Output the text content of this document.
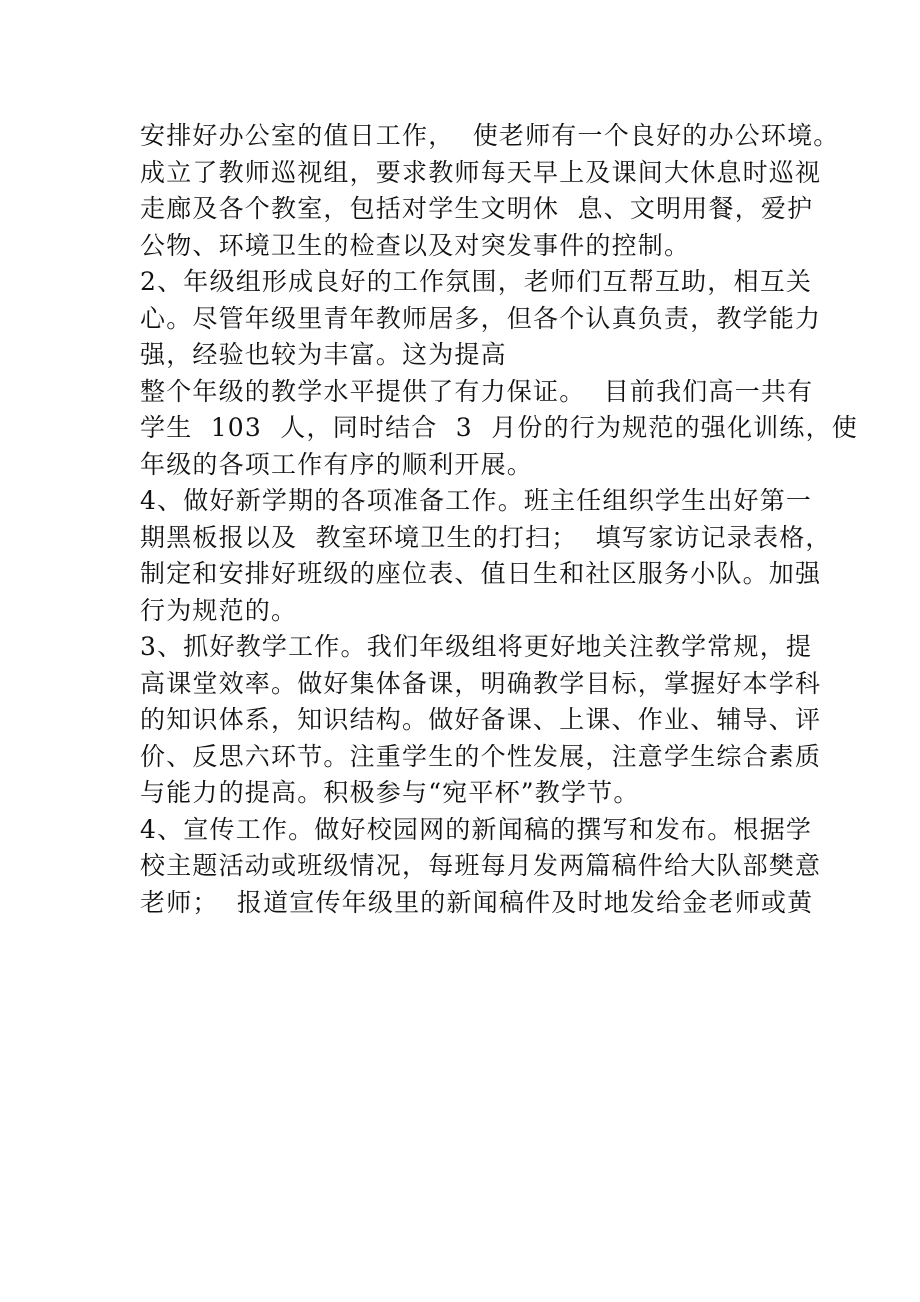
安排好办公室的值日工作，  使老师有一个良好的办公环境。
成立了教师巡视组，要求教师每天早上及课间大休息时巡视
走廊及各个教室，包括对学生文明休  息、文明用餐，爱护
公物、环境卫生的检查以及对突发事件的控制。
2、年级组形成良好的工作氛围，老师们互帮互助，相互关
心。尽管年级里青年教师居多，但各个认真负责，教学能力
强，经验也较为丰富。这为提高
整个年级的教学水平提供了有力保证。  目前我们高一共有
学生  103  人，同时结合  3  月份的行为规范的强化训练，使
年级的各项工作有序的顺利开展。
4、做好新学期的各项准备工作。班主任组织学生出好第一
期黑板报以及  教室环境卫生的打扫；  填写家访记录表格，
制定和安排好班级的座位表、值日生和社区服务小队。加强
行为规范的。
3、抓好教学工作。我们年级组将更好地关注教学常规，提
高课堂效率。做好集体备课，明确教学目标，掌握好本学科
的知识体系，知识结构。做好备课、上课、作业、辅导、评
价、反思六环节。注重学生的个性发展，注意学生综合素质
与能力的提高。积极参与“宛平杯”教学节。
4、宣传工作。做好校园网的新闻稿的撰写和发布。根据学
校主题活动或班级情况，每班每月发两篇稿件给大队部樊意
老师；  报道宣传年级里的新闻稿件及时地发给金老师或黄
